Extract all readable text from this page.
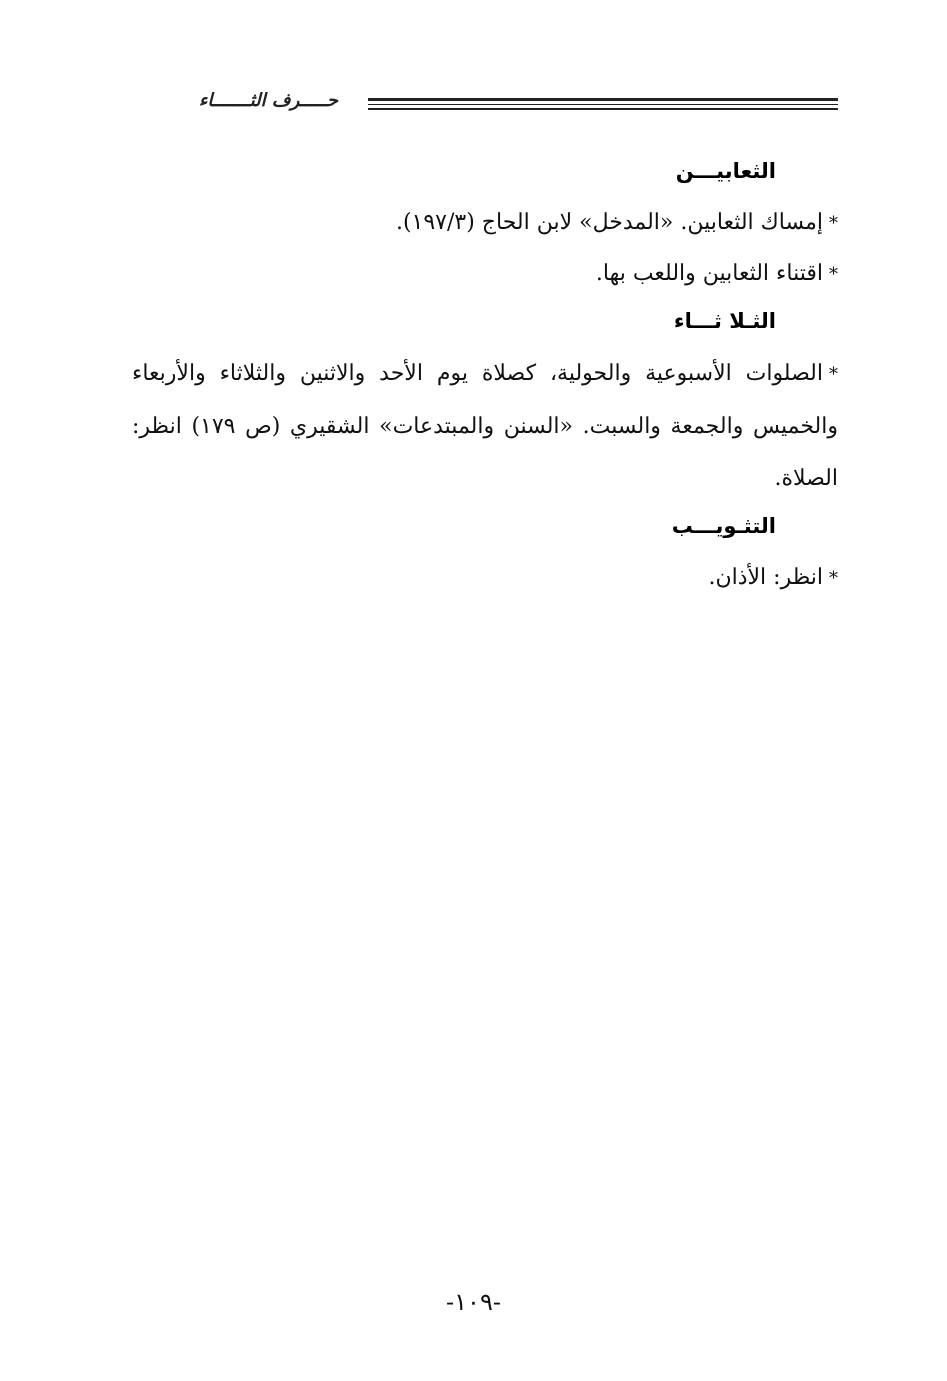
حـــــرف الثـــــــاء
الثعابيـــن

*إمساك الثعابين. «المدخل» لابن الحاج (١٩٧/٣).

*اقتناء الثعابين واللعب بها.

الثـلا ثـــاء

*الصلوات الأسبوعية والحولية، كصلاة يوم الأحد والاثنين والثلاثاء والأربعاء والخميس والجمعة والسبت. «السنن والمبتدعات» الشقيري (ص ١٧٩) انظر: الصلاة.

التثـويـــب

*انظر: الأذان.

-١٠٩-
